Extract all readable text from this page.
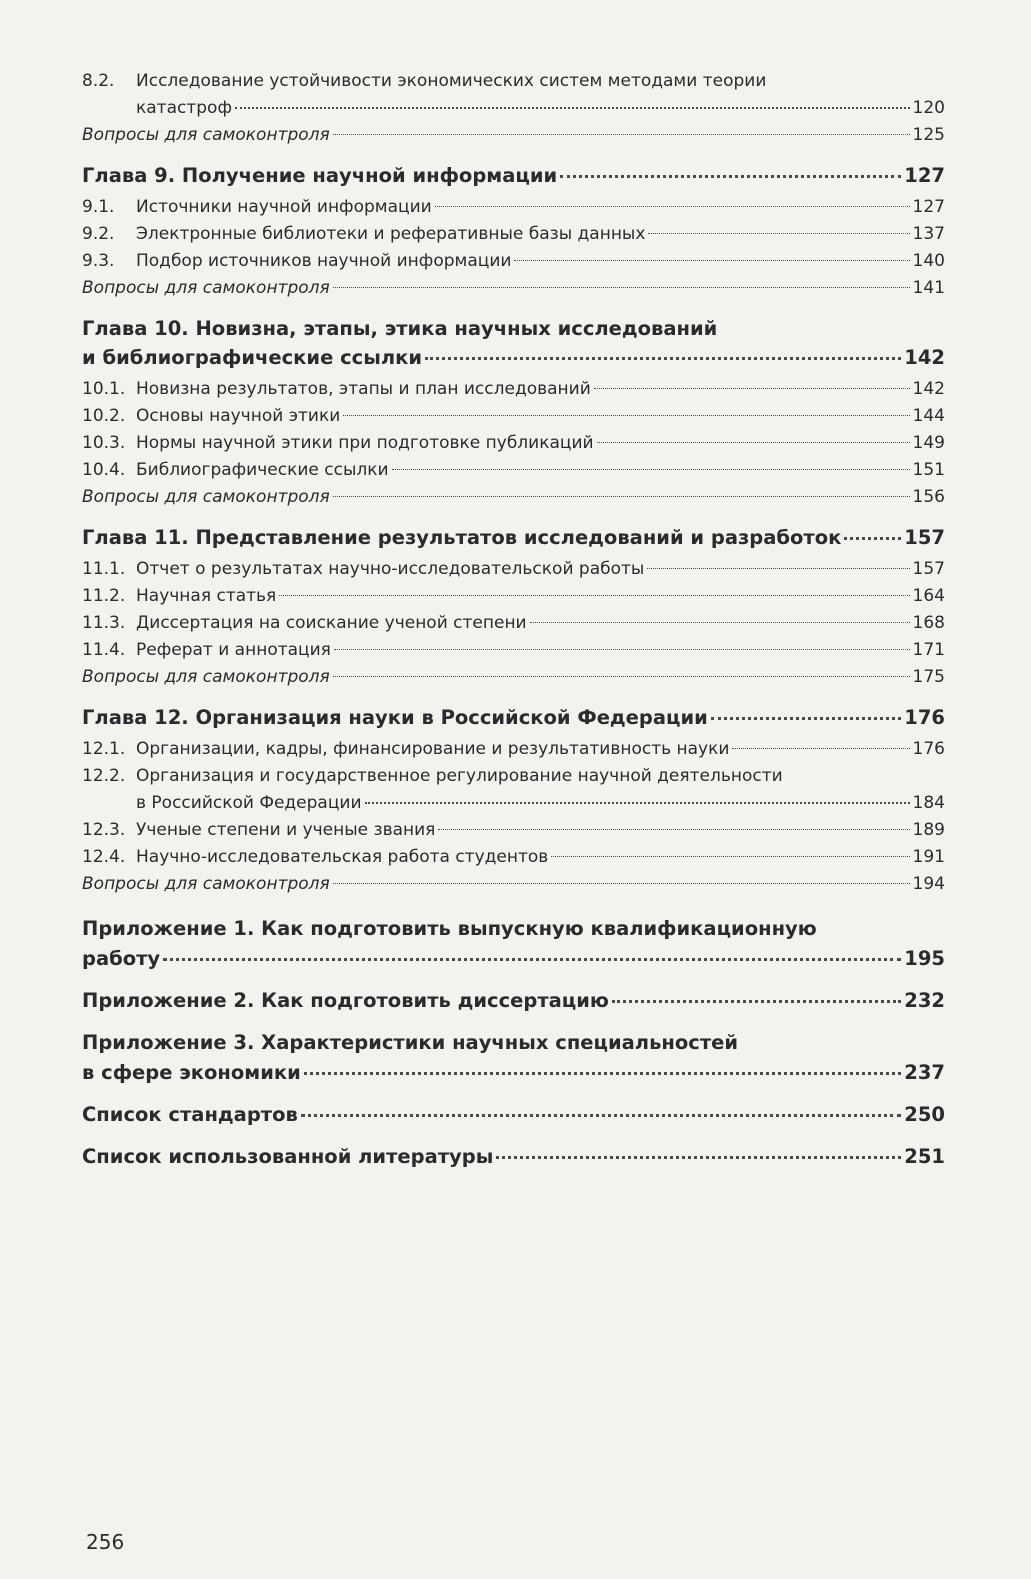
8.2.	Исследование устойчивости экономических систем методами теории
катастроф	120
Вопросы для самоконтроля	125
Глава 9. Получение научной информации	127
9.1.	Источники научной информации	127
9.2.	Электронные библиотеки и реферативные базы данных	137
9.3.	Подбор источников научной информации	140
Вопросы для самоконтроля	141
Глава 10. Новизна, этапы, этика научных исследований
и библиографические ссылки	142
10.1. Новизна результатов, этапы и план исследований	142
10.2. Основы научной этики	144
10.3. Нормы научной этики при подготовке публикаций	149
10.4. Библиографические ссылки	151
Вопросы для самоконтроля	156
Глава 11. Представление результатов исследований и разработок	157
11.1. Отчет о результатах научно-исследовательской работы	157
11.2. Научная статья	164
11.3. Диссертация на соискание ученой степени	168
11.4. Реферат и аннотация	171
Вопросы для самоконтроля	175
Глава 12. Организация науки в Российской Федерации	176
12.1. Организации, кадры, финансирование и результативность науки	176
12.2. Организация и государственное регулирование научной деятельности
в Российской Федерации	184
12.3. Ученые степени и ученые звания	189
12.4. Научно-исследовательская работа студентов	191
Вопросы для самоконтроля	194
Приложение 1. Как подготовить выпускную квалификационную
работу	195
Приложение 2. Как подготовить диссертацию	232
Приложение 3. Характеристики научных специальностей
в сфере экономики	237
Список стандартов	250
Список использованной литературы	251
256
